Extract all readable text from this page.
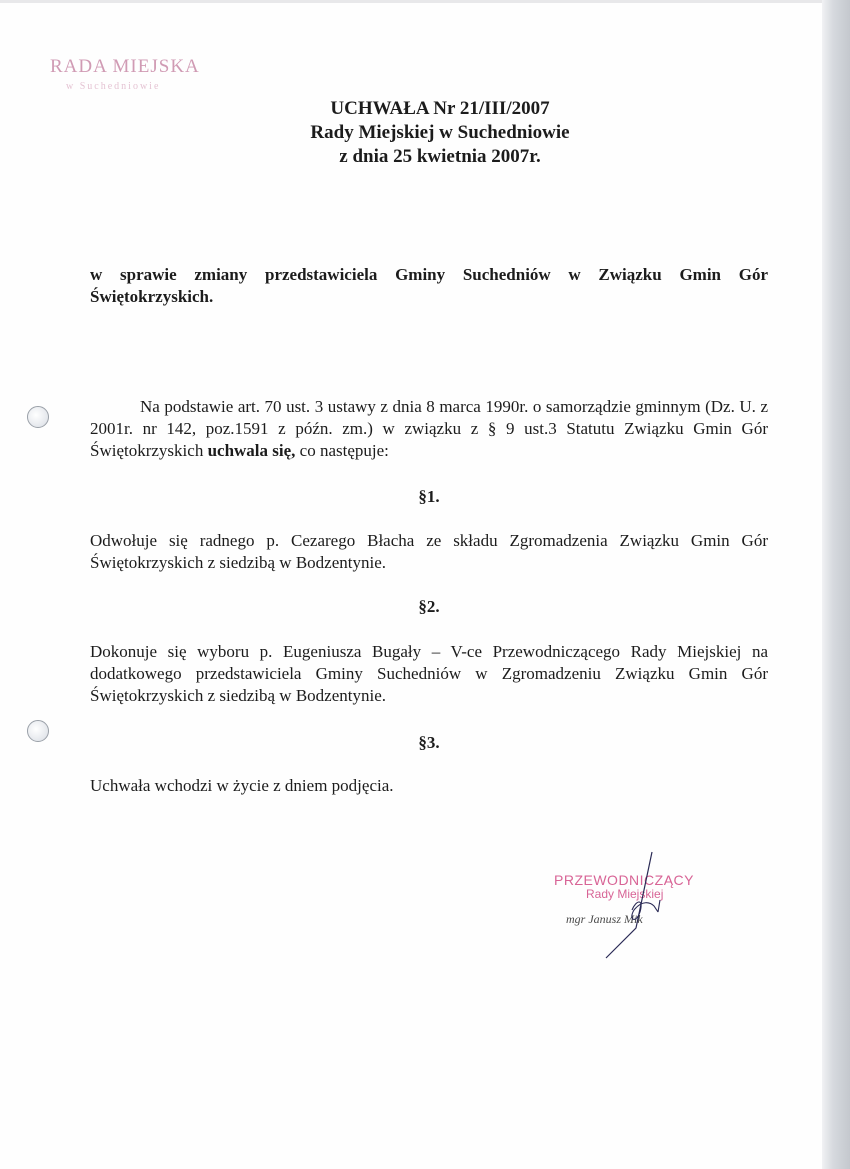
RADA MIEJSKA
w Suchedniowie
UCHWAŁA Nr 21/III/2007
Rady Miejskiej w Suchedniowie
z dnia 25 kwietnia 2007r.
w sprawie zmiany przedstawiciela Gminy Suchedniów w Związku Gmin Gór Świętokrzyskich.
Na podstawie art. 70 ust. 3 ustawy z dnia 8 marca 1990r. o samorządzie gminnym (Dz. U. z 2001r. nr 142, poz.1591 z późn. zm.) w związku z § 9 ust.3 Statutu Związku Gmin Gór Świętokrzyskich uchwala się, co następuje:
§1.
Odwołuje się radnego p. Cezarego Błacha ze składu Zgromadzenia Związku Gmin Gór Świętokrzyskich z siedzibą w Bodzentynie.
§2.
Dokonuje się wyboru p. Eugeniusza Bugały – V-ce Przewodniczącego Rady Miejskiej na dodatkowego przedstawiciela Gminy Suchedniów w Zgromadzeniu Związku Gmin Gór Świętokrzyskich z siedzibą w Bodzentynie.
§3.
Uchwała wchodzi w życie z dniem podjęcia.
PRZEWODNICZĄCY
Rady Miejskiej
mgr Janusz Mik
